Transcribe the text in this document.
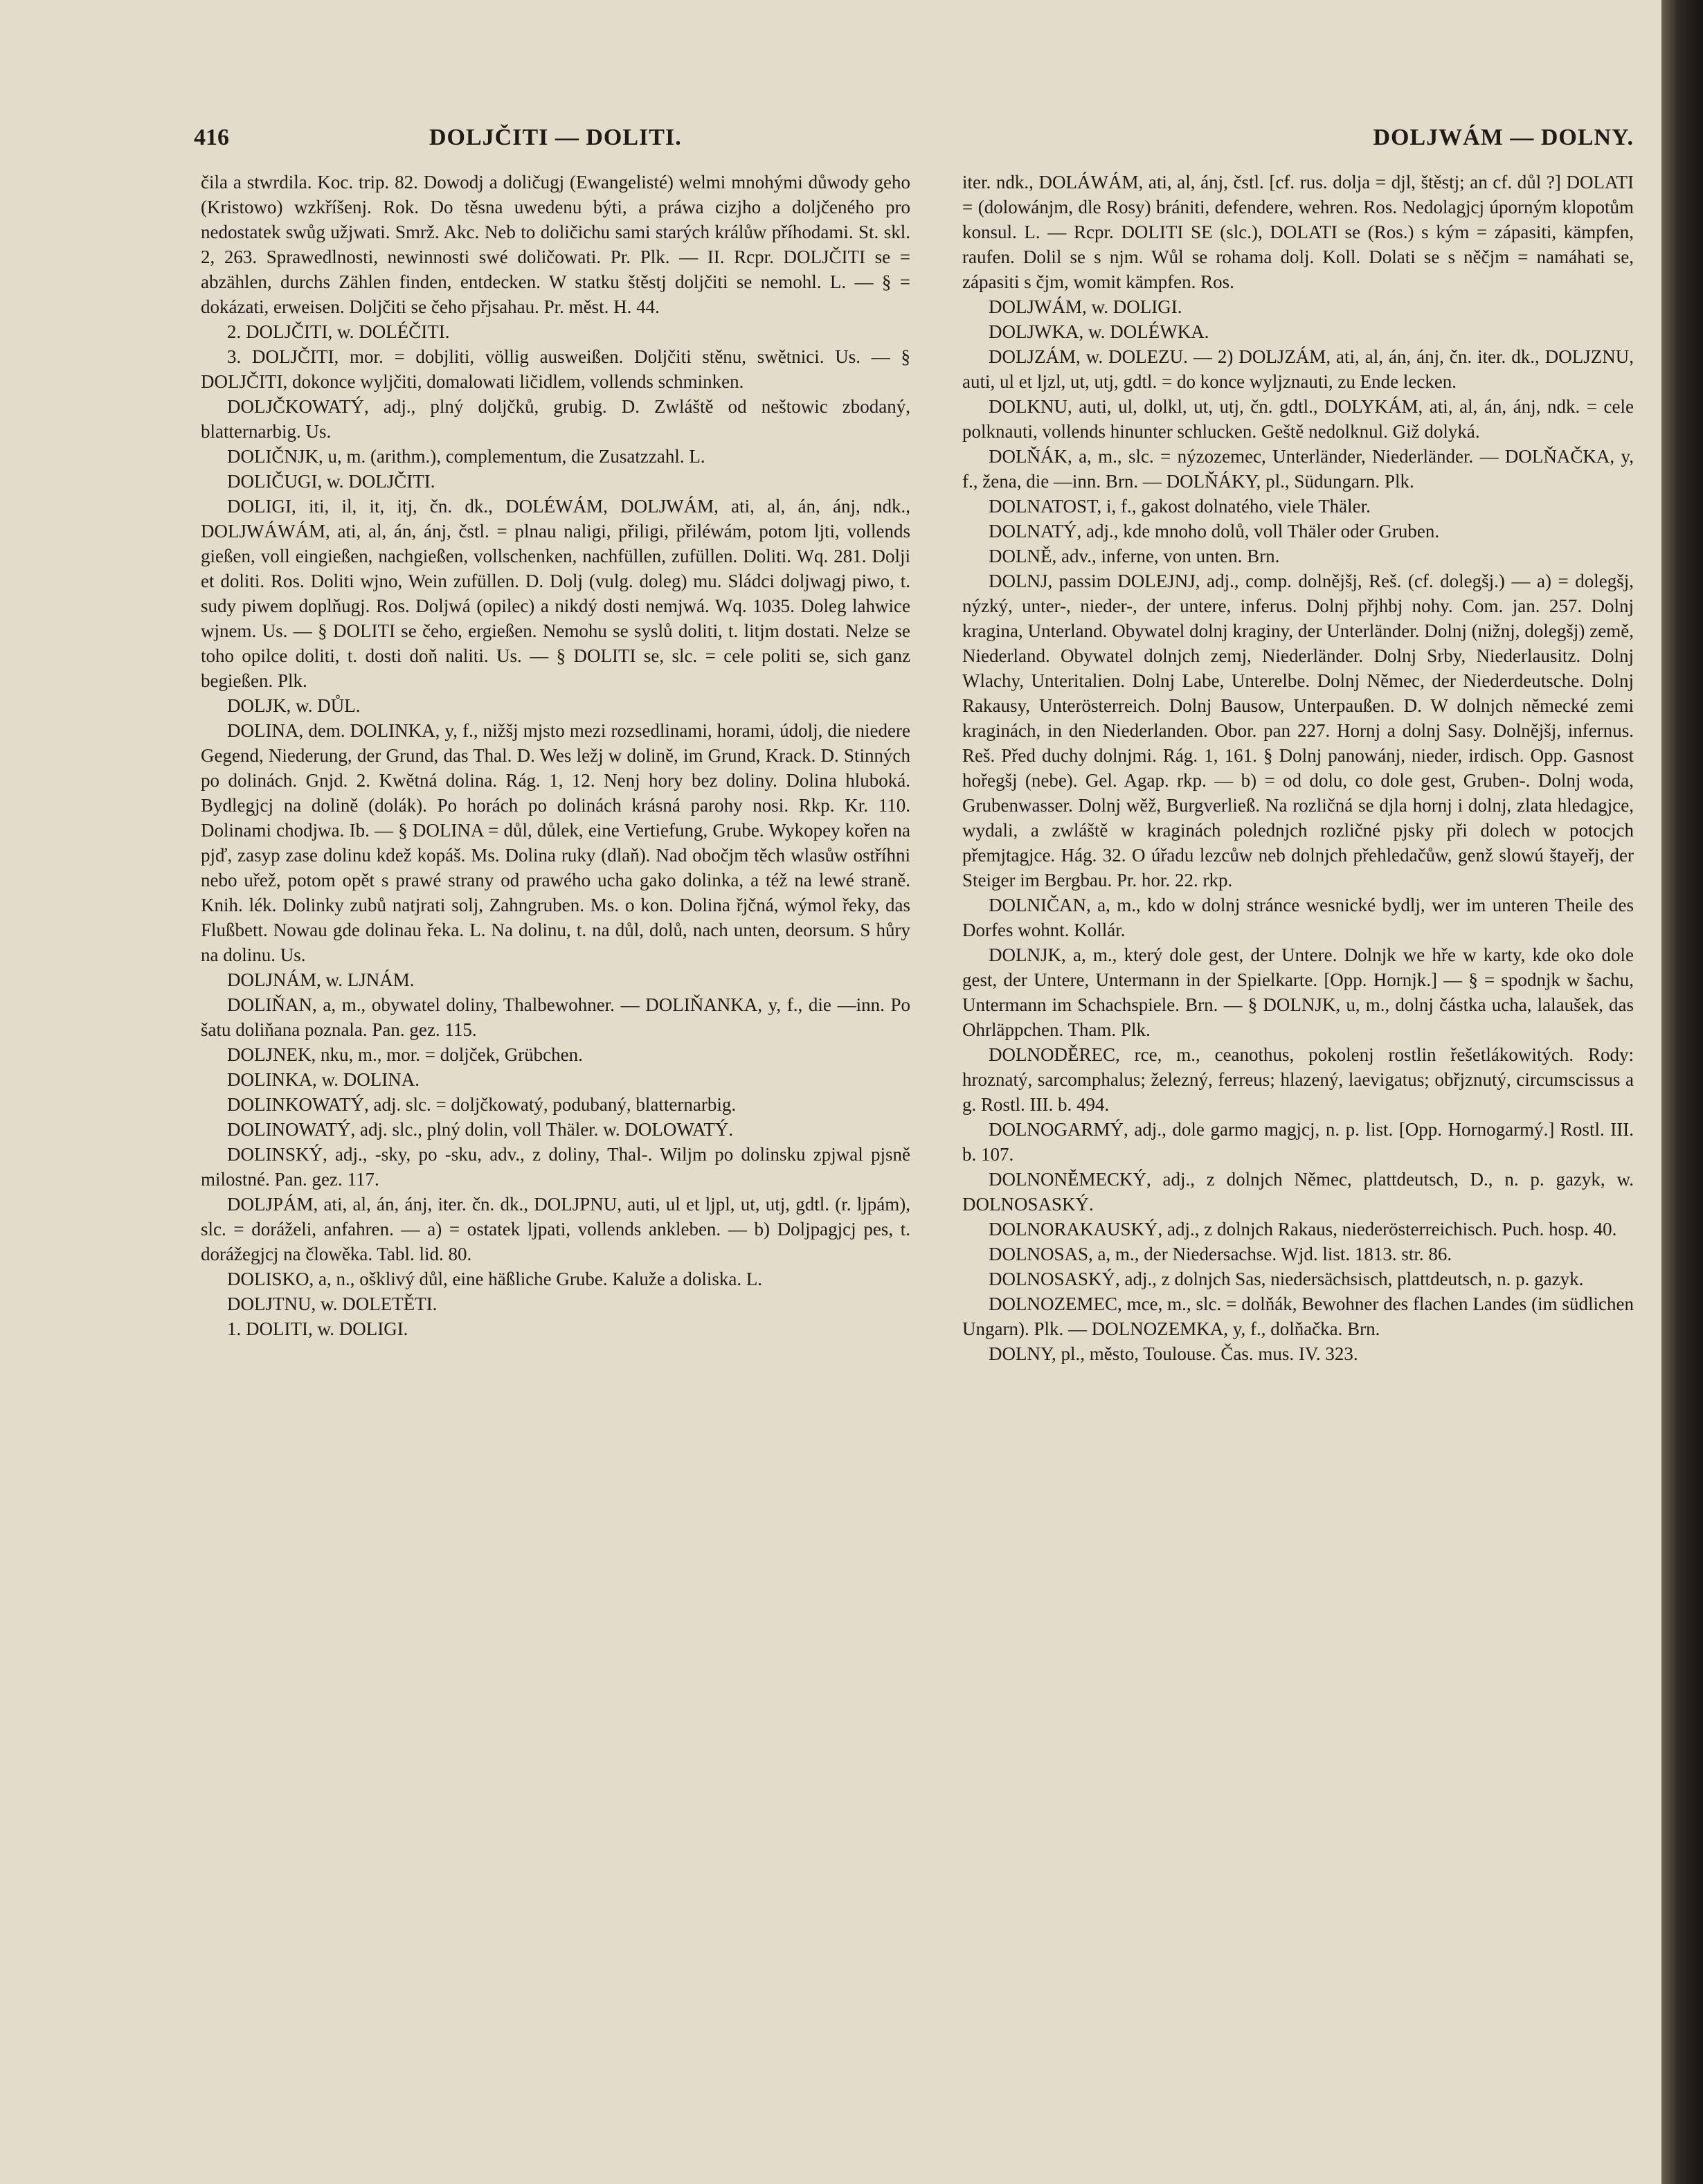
416	DOLJČITI — DOLITI.	DOLJWÁM — DOLNY.

čila a stwrdila. Koc. trip. 82. Dowodj a doličugj (Ewangelisté) welmi mnohými důwody geho (Kristowo) wzkříšenj. Rok. Do těsna uwedenu býti, a práwa cizjho a doljčeného pro nedostatek swůg užjwati. Smrž. Akc. Neb to doličichu sami starých králůw příhodami. St. skl. 2, 263. Sprawedlnosti, newinnosti swé doličowati. Pr. Plk. — II. Rcpr. DOLJČITI se = abzählen, durchs Zählen finden, entdecken. W statku štěstj doljčiti se nemohl. L. — § = dokázati, erweisen. Doljčiti se čeho přjsahau. Pr. měst. H. 44.

2. DOLJČITI, w. DOLÉČITI.

3. DOLJČITI, mor. = dobjliti, völlig ausweißen. Doljčiti stěnu, swětnici. Us. — § DOLJČITI, dokonce wyljčiti, domalowati ličidlem, vollends schminken.

DOLJČKOWATÝ, adj., plný doljčků, grubig. D. Zwláště od neštowic zbodaný, blatternarbig. Us.

DOLIČNJK, u, m. (arithm.), complementum, die Zusatzzahl. L.

DOLIČUGI, w. DOLJČITI.

DOLIGI, iti, il, it, itj, čn. dk., DOLÉWÁM, DOLJWÁM, ati, al, án, ánj, ndk., DOLJWÁWÁM, ati, al, án, ánj, čstl. = plnau naligi, přiligi, přiléwám, potom ljti, vollends gießen, voll eingießen, nachgießen, vollschenken, nachfüllen, zufüllen. Doliti. Wq. 281. Dolji et doliti. Ros. Doliti wjno, Wein zufüllen. D. Dolj (vulg. doleg) mu. Sládci doljwagj piwo, t. sudy piwem doplňugj. Ros. Doljwá (opilec) a nikdý dosti nemjwá. Wq. 1035. Doleg lahwice wjnem. Us. — § DOLITI se čeho, ergießen. Nemohu se syslů doliti, t. litjm dostati. Nelze se toho opilce doliti, t. dosti doň naliti. Us. — § DOLITI se, slc. = cele politi se, sich ganz begießen. Plk.

DOLJK, w. DŮL.

DOLINA, dem. DOLINKA, y, f., nižšj mjsto mezi rozsedlinami, horami, údolj, die niedere Gegend, Niederung, der Grund, das Thal. D. Wes ležj w dolině, im Grund, Krack. D. Stinných po dolinách. Gnjd. 2. Kwětná dolina. Rág. 1, 12. Nenj hory bez doliny. Dolina hluboká. Bydlegjcj na dolině (dolák). Po horách po dolinách krásná parohy nosi. Rkp. Kr. 110. Dolinami chodjwa. Ib. — § DOLINA = důl, důlek, eine Vertiefung, Grube. Wykopey kořen na pjď, zasyp zase dolinu kdež kopáš. Ms. Dolina ruky (dlaň). Nad obočjm těch wlasůw ostříhni nebo uřež, potom opět s prawé strany od prawého ucha gako dolinka, a též na lewé straně. Knih. lék. Dolinky zubů natjrati solj, Zahngruben. Ms. o kon. Dolina řjčná, wýmol řeky, das Flußbett. Nowau gde dolinau řeka. L. Na dolinu, t. na důl, dolů, nach unten, deorsum. S hůry na dolinu. Us.

DOLJNÁM, w. LJNÁM.

DOLIŇAN, a, m., obywatel doliny, Thalbewohner. — DOLIŇANKA, y, f., die —inn. Po šatu doliňana poznala. Pan. gez. 115.

DOLJNEK, nku, m., mor. = doljček, Grübchen.

DOLINKA, w. DOLINA.

DOLINKOWATÝ, adj. slc. = doljčkowatý, podubaný, blatternarbig.

DOLINOWATÝ, adj. slc., plný dolin, voll Thäler. w. DOLOWATÝ.

DOLINSKÝ, adj., -sky, po -sku, adv., z doliny, Thal-. Wiljm po dolinsku zpjwal pjsně milostné. Pan. gez. 117.

DOLJPÁM, ati, al, án, ánj, iter. čn. dk., DOLJPNU, auti, ul et ljpl, ut, utj, gdtl. (r. ljpám), slc. = doráželi, anfahren. — a) = ostatek ljpati, vollends ankleben. — b) Doljpagjcj pes, t. dorážegjcj na člowěka. Tabl. lid. 80.

DOLISKO, a, n., ošklivý důl, eine häßliche Grube. Kaluže a doliska. L.

DOLJTNU, w. DOLETĚTI.

1. DOLITI, w. DOLIGI.

iter. ndk., DOLÁWÁM, ati, al, ánj, čstl. [cf. rus. dolja = djl, štěstj; an cf. důl ?] DOLATI = (dolowánjm, dle Rosy) brániti, defendere, wehren. Ros. Nedolagjcj úporným klopotům konsul. L. — Rcpr. DOLITI SE (slc.), DOLATI se (Ros.) s kým = zápasiti, kämpfen, raufen. Dolil se s njm. Wůl se rohama dolj. Koll. Dolati se s něčjm = namáhati se, zápasiti s čjm, womit kämpfen. Ros.

DOLJWÁM, w. DOLIGI.

DOLJWKA, w. DOLÉWKA.

DOLJZÁM, w. DOLEZU. — 2) DOLJZÁM, ati, al, án, ánj, čn. iter. dk., DOLJZNU, auti, ul et ljzl, ut, utj, gdtl. = do konce wyljznauti, zu Ende lecken.

DOLKNU, auti, ul, dolkl, ut, utj, čn. gdtl., DOLYKÁM, ati, al, án, ánj, ndk. = cele polknauti, vollends hinunter schlucken. Geště nedolknul. Giž dolyká.

DOLŇÁK, a, m., slc. = nýzozemec, Unterländer, Niederländer. — DOLŇAČKA, y, f., žena, die —inn. Brn. — DOLŇÁKY, pl., Südungarn. Plk.

DOLNATOST, i, f., gakost dolnatého, viele Thäler.

DOLNATÝ, adj., kde mnoho dolů, voll Thäler oder Gruben.

DOLNĚ, adv., inferne, von unten. Brn.

DOLNJ, passim DOLEJNJ, adj., comp. dolnějšj, Reš. (cf. dolegšj.) — a) = dolegšj, nýzký, unter-, nieder-, der untere, inferus. Dolnj přjhbj nohy. Com. jan. 257. Dolnj kragina, Unterland. Obywatel dolnj kraginy, der Unterländer. Dolnj (nižnj, dolegšj) země, Niederland. Obywatel dolnjch zemj, Niederländer. Dolnj Srby, Niederlausitz. Dolnj Wlachy, Unteritalien. Dolnj Labe, Unterelbe. Dolnj Němec, der Niederdeutsche. Dolnj Rakausy, Unterösterreich. Dolnj Bausow, Unterpaußen. D. W dolnjch německé zemi kraginách, in den Niederlanden. Obor. pan 227. Hornj a dolnj Sasy. Dolnějšj, infernus. Reš. Před duchy dolnjmi. Rág. 1, 161. § Dolnj panowánj, nieder, irdisch. Opp. Gasnost hořegšj (nebe). Gel. Agap. rkp. — b) = od dolu, co dole gest, Gruben-. Dolnj woda, Grubenwasser. Dolnj wěž, Burgverließ. Na rozličná se djla hornj i dolnj, zlata hledagjce, wydali, a zwláště w kraginách polednjch rozličné pjsky při dolech w potocjch přemjtagjce. Hág. 32. O úřadu lezcůw neb dolnjch přehledačůw, genž slowú štayeřj, der Steiger im Bergbau. Pr. hor. 22. rkp.

DOLNIČAN, a, m., kdo w dolnj stránce wesnické bydlj, wer im unteren Theile des Dorfes wohnt. Kollár.

DOLNJK, a, m., který dole gest, der Untere. Dolnjk we hře w karty, kde oko dole gest, der Untere, Untermann in der Spielkarte. [Opp. Hornjk.] — § = spodnjk w šachu, Untermann im Schachspiele. Brn. — § DOLNJK, u, m., dolnj částka ucha, lalaušek, das Ohrläppchen. Tham. Plk.

DOLNODĚREC, rce, m., ceanothus, pokolenj rostlin řešetlákowitých. Rody: hroznatý, sarcomphalus; železný, ferreus; hlazený, laevigatus; obřjznutý, circumscissus a g. Rostl. III. b. 494.

DOLNOGARMÝ, adj., dole garmo magjcj, n. p. list. [Opp. Hornogarmý.] Rostl. III. b. 107.

DOLNONĚMECKÝ, adj., z dolnjch Němec, plattdeutsch, D., n. p. gazyk, w. DOLNOSASKÝ.

DOLNORAKAUSKÝ, adj., z dolnjch Rakaus, niederösterreichisch. Puch. hosp. 40.

DOLNOSAS, a, m., der Niedersachse. Wjd. list. 1813. str. 86.

DOLNOSASKÝ, adj., z dolnjch Sas, niedersächsisch, plattdeutsch, n. p. gazyk.

DOLNOZEMEC, mce, m., slc. = dolňák, Bewohner des flachen Landes (im südlichen Ungarn). Plk. — DOLNOZEMKA, y, f., dolňačka. Brn.

DOLNY, pl., město, Toulouse. Čas. mus. IV. 323.
